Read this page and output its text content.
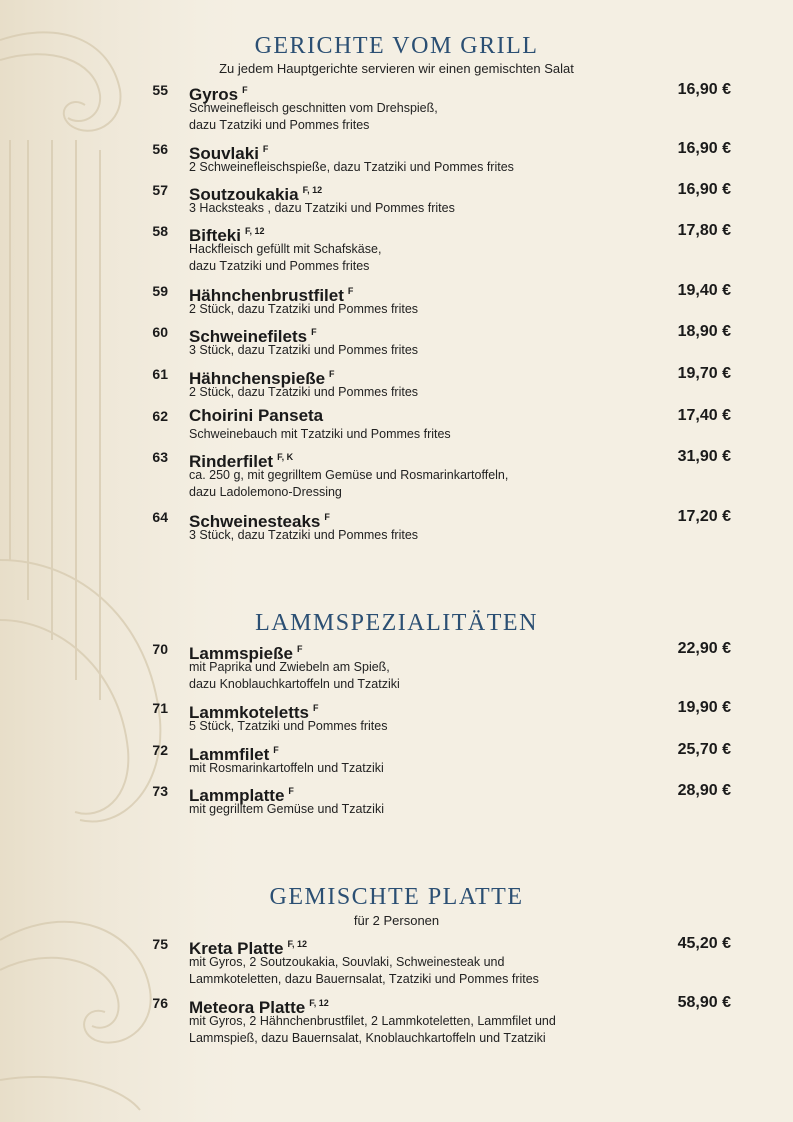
GERICHTE VOM GRILL
Zu jedem Hauptgerichte servieren wir einen gemischten Salat
LAMMSPEZIALITÄTEN
GEMISCHTE PLATTE
für 2 Personen
55 Gyros $^F$	16,90 €
Schweinefleisch geschnitten vom Drehspieß,
dazu Tzatziki und Pommes frites
56 Souvlaki $^F$	16,90 €
2 Schweinefleischspieße, dazu Tzatziki und Pommes frites
57 Soutzoukakia $^{F, 12}$	16,90 €
3 Hacksteaks , dazu Tzatziki und Pommes frites
58 Bifteki $^{F, 12}$	17,80 €
Hackfleisch gefüllt mit Schafskäse,
dazu Tzatziki und Pommes frites
59 Hähnchenbrustfilet $^F$	19,40 €
2 Stück, dazu Tzatziki und Pommes frites
60 Schweinefilets $^F$	18,90 €
3 Stück, dazu Tzatziki und Pommes frites
61 Hähnchenspieße $^F$	19,70 €
2 Stück, dazu Tzatziki und Pommes frites
62 Choirini Panseta	17,40 €
Schweinebauch mit Tzatziki und Pommes frites
63 Rinderfilet $^{F, K}$	31,90 €
ca. 250 g, mit gegrilltem Gemüse und Rosmarinkartoffeln,
dazu Ladolemono-Dressing
64 Schweinesteaks $^F$	17,20 €
3 Stück, dazu Tzatziki und Pommes frites
70 Lammspieße $^F$	22,90 €
mit Paprika und Zwiebeln am Spieß,
dazu Knoblauchkartoffeln und Tzatziki
71 Lammkoteletts $^F$	19,90 €
5 Stück, Tzatziki und Pommes frites
72 Lammfilet $^F$	25,70 €
mit Rosmarinkartoffeln und Tzatziki
73 Lammplatte $^F$	28,90 €
mit gegrilltem Gemüse und Tzatziki
75 Kreta Platte $^{F, 12}$	45,20 €
mit Gyros, 2 Soutzoukakia, Souvlaki, Schweinesteak und
Lammkoteletten, dazu Bauernsalat, Tzatziki und Pommes frites
76 Meteora Platte $^{F, 12}$	58,90 €
mit Gyros, 2 Hähnchenbrustfilet, 2 Lammkoteletten, Lammfilet und
Lammspieß, dazu Bauernsalat, Knoblauchkartoffeln und Tzatziki
